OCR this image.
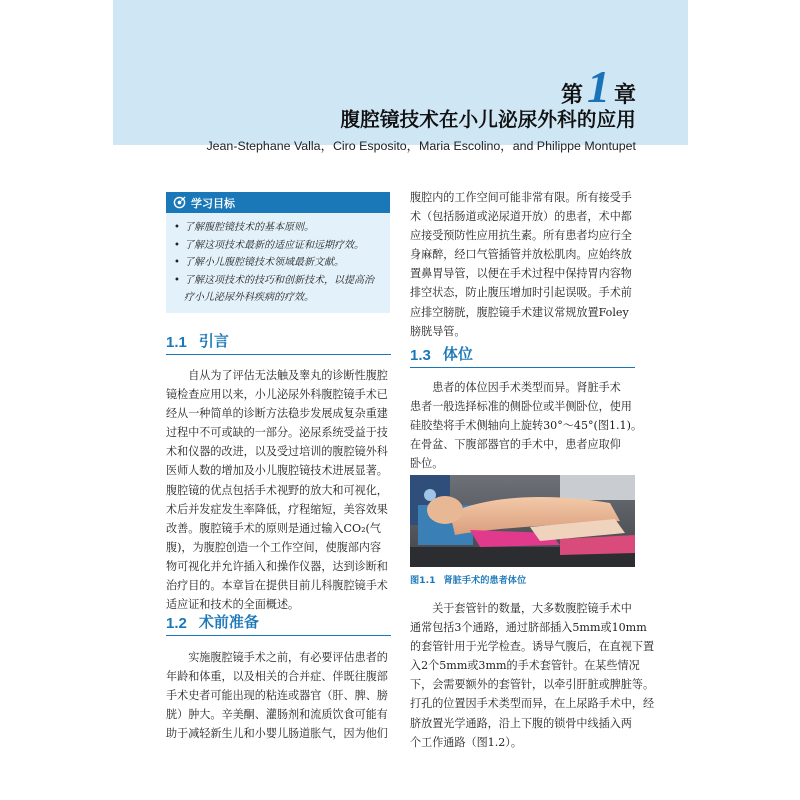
第 1 章
腹腔镜技术在小儿泌尿外科的应用
Jean-Stephane Valla，Ciro Esposito，Maria Escolino，and Philippe Montupet
学习目标
• 了解腹腔镜技术的基本原则。
• 了解这项技术最新的适应证和远期疗效。
• 了解小儿腹腔镜技术领域最新文献。
• 了解这项技术的技巧和创新技术，以提高治疗小儿泌尿外科疾病的疗效。
1.1 引言
自从为了评估无法触及睾丸的诊断性腹腔
镜检查应用以来，小儿泌尿外科腹腔镜手术已
经从一种简单的诊断方法稳步发展成复杂重建
过程中不可或缺的一部分。泌尿系统受益于技
术和仪器的改进，以及受过培训的腹腔镜外科
医师人数的增加及小儿腹腔镜技术进展显著。
腹腔镜的优点包括手术视野的放大和可视化，
术后并发症发生率降低，疗程缩短，美容效果
改善。腹腔镜手术的原则是通过输入CO₂(气
腹)，为腹腔创造一个工作空间，使腹部内容
物可视化并允许插入和操作仪器，达到诊断和
治疗目的。本章旨在提供目前儿科腹腔镜手术
适应证和技术的全面概述。
1.2 术前准备
实施腹腔镜手术之前，有必要评估患者的
年龄和体重，以及相关的合并症、伴既往腹部
手术史者可能出现的粘连或器官（肝、脾、膀
胱）肿大。辛美酮、灌肠剂和流质饮食可能有
助于减轻新生儿和小婴儿肠道胀气，因为他们
腹腔内的工作空间可能非常有限。所有接受手
术（包括肠道或泌尿道开放）的患者，术中都
应接受预防性应用抗生素。所有患者均应行全
身麻醉，经口气管插管并放松肌肉。应始终放
置鼻胃导管，以便在手术过程中保持胃内容物
排空状态，防止腹压增加时引起误吸。手术前
应排空膀胱，腹腔镜手术建议常规放置Foley
膀胱导管。
1.3 体位
患者的体位因手术类型而异。肾脏手术
患者一般选择标准的侧卧位或半侧卧位，使用
硅胶垫将手术侧轴向上旋转30°～45°(图1.1)。
在骨盆、下腹部器官的手术中，患者应取仰
卧位。
图1.1 肾脏手术的患者体位
关于套管针的数量，大多数腹腔镜手术中
通常包括3个通路，通过脐部插入5mm或10mm
的套管针用于光学检查。诱导气腹后，在直视下置
入2个5mm或3mm的手术套管针。在某些情况
下，会需要额外的套管针，以牵引肝脏或脾脏等。
打孔的位置因手术类型而异，在上尿路手术中，经
脐放置光学通路，沿上下腹的锁骨中线插入两
个工作通路（图1.2）。
